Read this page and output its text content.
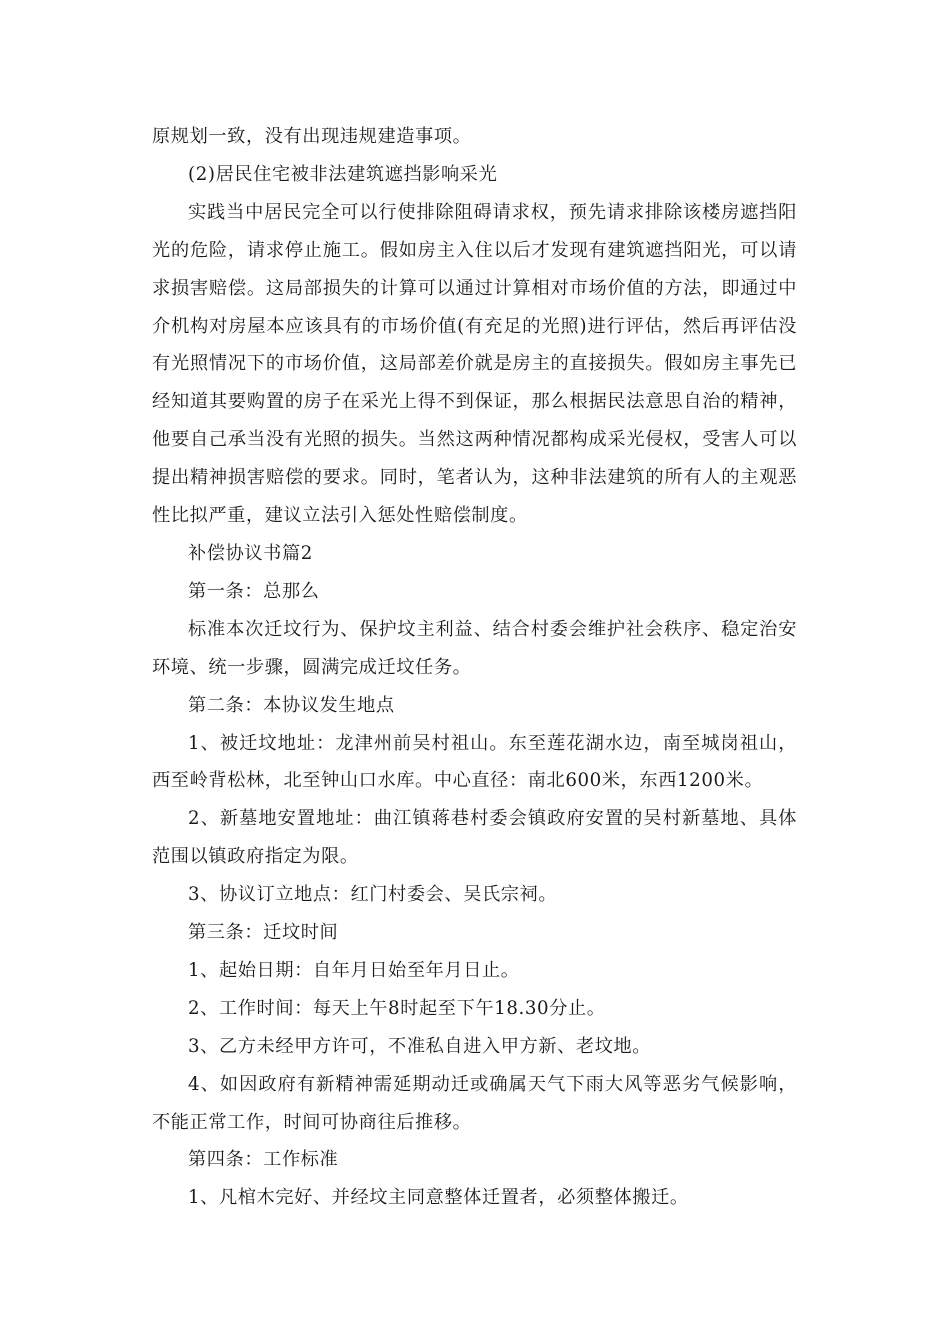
原规划一致，没有出现违规建造事项。

(2)居民住宅被非法建筑遮挡影响采光

实践当中居民完全可以行使排除阻碍请求权，预先请求排除该楼房遮挡阳光的危险，请求停止施工。假如房主入住以后才发现有建筑遮挡阳光，可以请求损害赔偿。这局部损失的计算可以通过计算相对市场价值的方法，即通过中介机构对房屋本应该具有的市场价值(有充足的光照)进行评估，然后再评估没有光照情况下的市场价值，这局部差价就是房主的直接损失。假如房主事先已经知道其要购置的房子在采光上得不到保证，那么根据民法意思自治的精神，他要自己承当没有光照的损失。当然这两种情况都构成采光侵权，受害人可以提出精神损害赔偿的要求。同时，笔者认为，这种非法建筑的所有人的主观恶性比拟严重，建议立法引入惩处性赔偿制度。

补偿协议书篇2

第一条：总那么

标准本次迁坟行为、保护坟主利益、结合村委会维护社会秩序、稳定治安环境、统一步骤，圆满完成迁坟任务。

第二条：本协议发生地点

1、被迁坟地址：龙津州前吴村祖山。东至莲花湖水边，南至城岗祖山，西至岭背松林，北至钟山口水库。中心直径：南北600米，东西1200米。

2、新墓地安置地址：曲江镇蒋巷村委会镇政府安置的吴村新墓地、具体范围以镇政府指定为限。

3、协议订立地点：红门村委会、吴氏宗祠。

第三条：迁坟时间

1、起始日期：自年月日始至年月日止。

2、工作时间：每天上午8时起至下午18.30分止。

3、乙方未经甲方许可，不准私自进入甲方新、老坟地。

4、如因政府有新精神需延期动迁或确属天气下雨大风等恶劣气候影响，不能正常工作，时间可协商往后推移。

第四条：工作标准

1、凡棺木完好、并经坟主同意整体迁置者，必须整体搬迁。
